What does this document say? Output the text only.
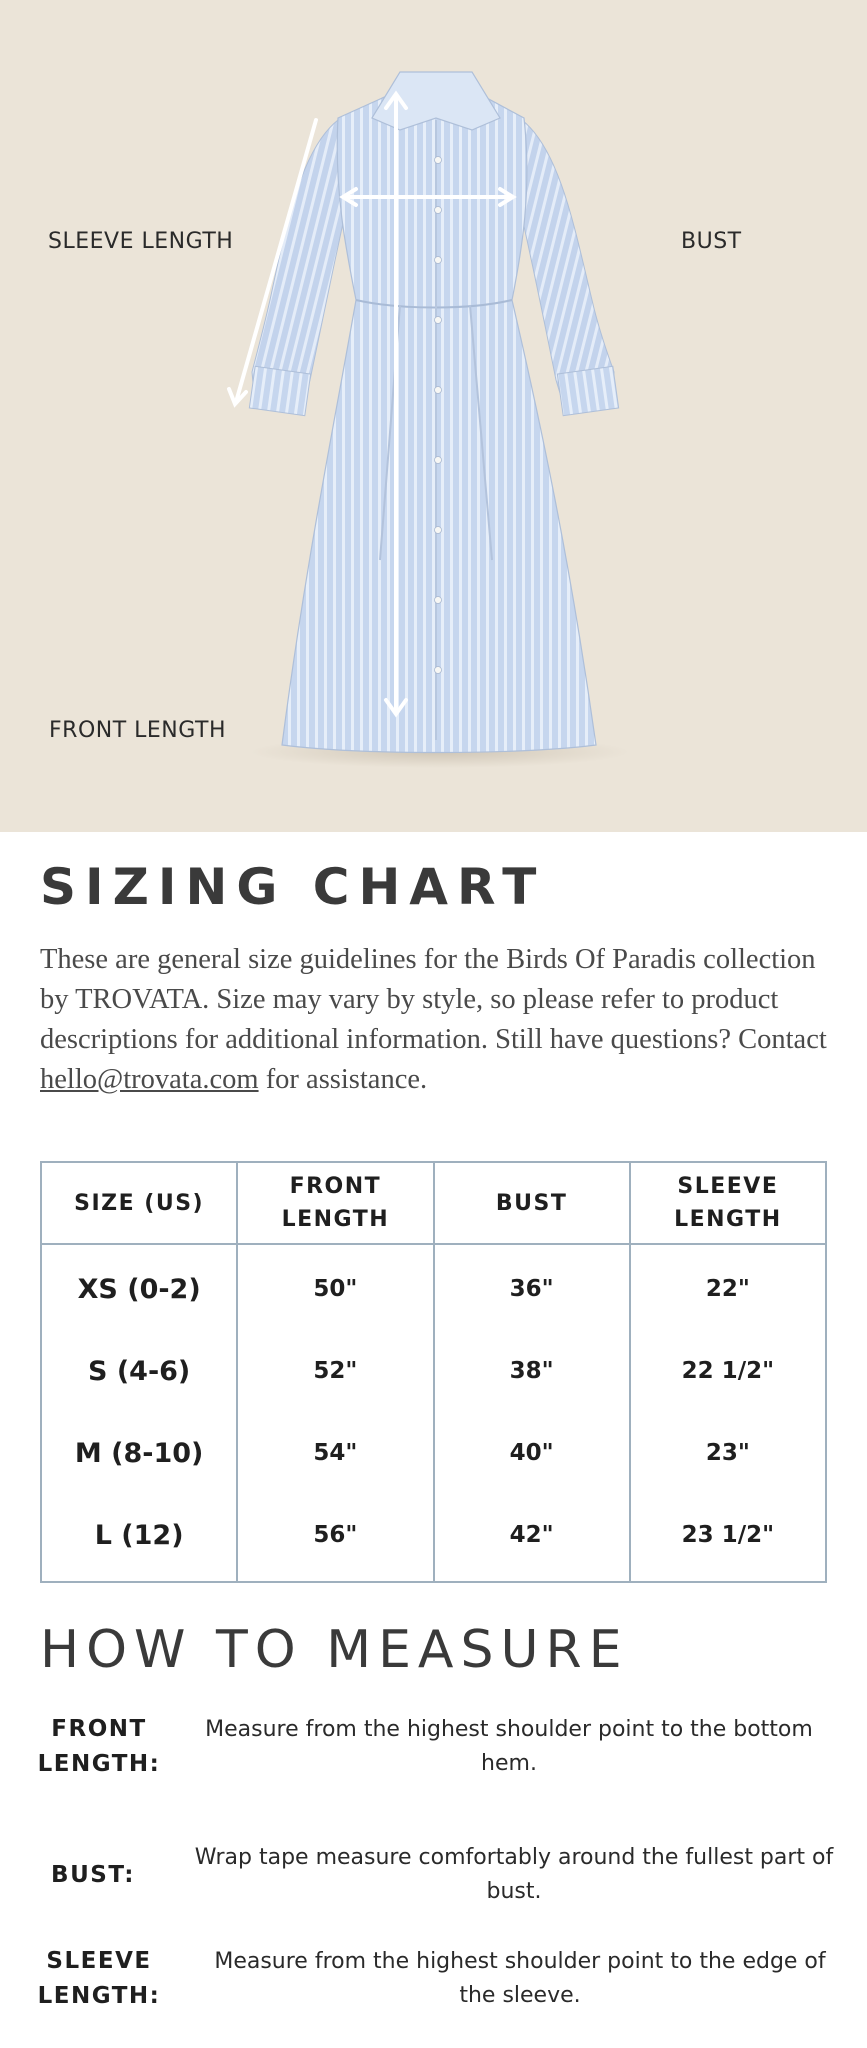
SLEEVE LENGTH	BUST
FRONT LENGTH
SIZING CHART

These are general size guidelines for the Birds Of Paradis collection by TROVATA. Size may vary by style, so please refer to product descriptions for additional information. Still have questions? Contact hello@trovata.com for assistance.

SIZE (US)	FRONT LENGTH	BUST	SLEEVE LENGTH
XS (0-2)	50"	36"	22"
S (4-6)	52"	38"	22 1/2"
M (8-10)	54"	40"	23"
L (12)	56"	42"	23 1/2"
HOW TO MEASURE
FRONT LENGTH:
Measure from the highest shoulder point to the bottom hem.
BUST:
Wrap tape measure comfortably around the fullest part of bust.
SLEEVE LENGTH:
Measure from the highest shoulder point to the edge of the sleeve.
